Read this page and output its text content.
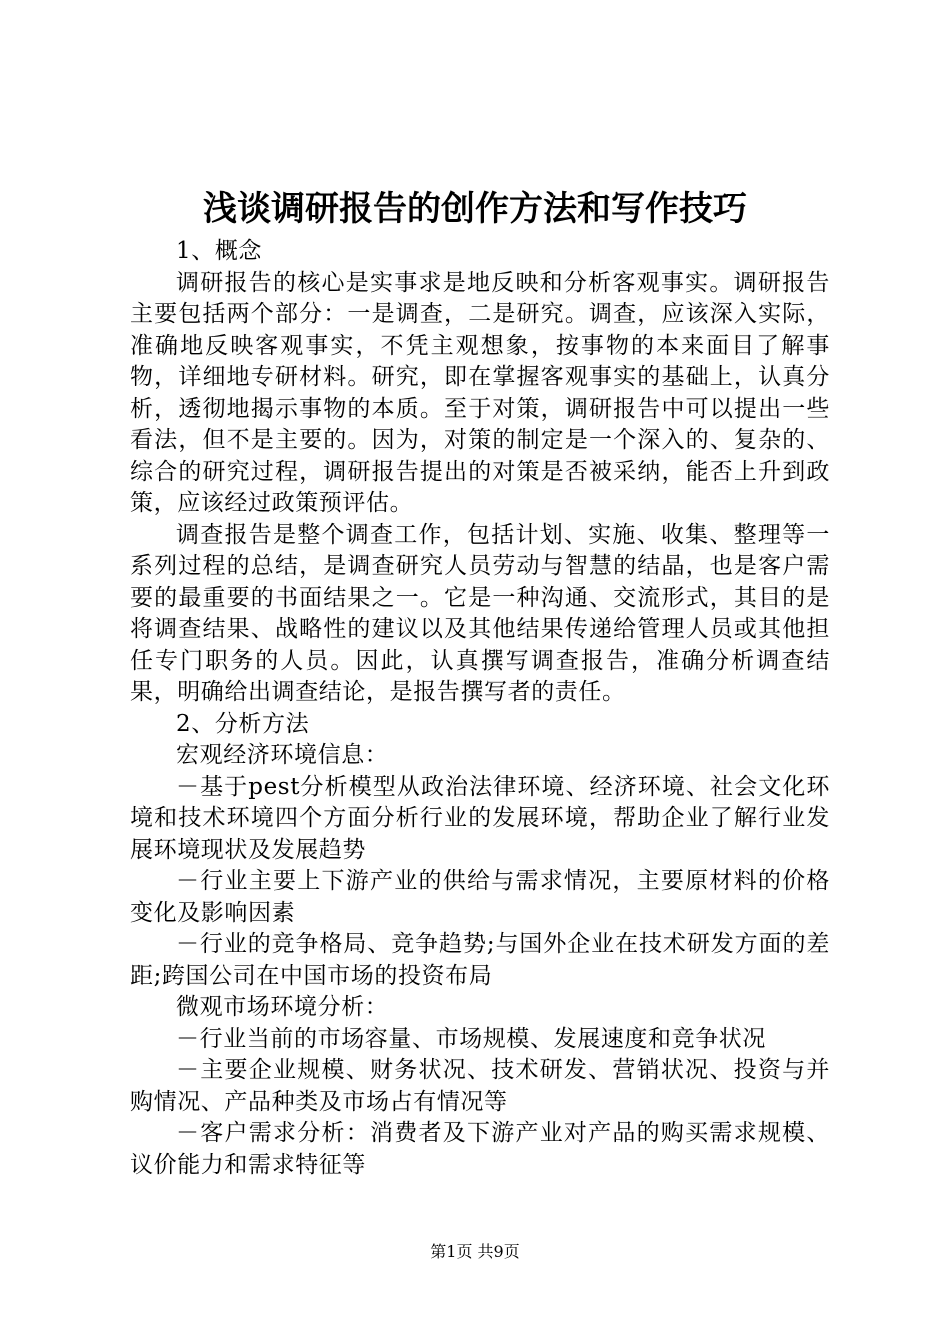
浅谈调研报告的创作方法和写作技巧

1、概念

调研报告的核心是实事求是地反映和分析客观事实。调研报告主要包括两个部分：一是调查，二是研究。调查，应该深入实际，准确地反映客观事实，不凭主观想象，按事物的本来面目了解事物，详细地专研材料。研究，即在掌握客观事实的基础上，认真分析，透彻地揭示事物的本质。至于对策，调研报告中可以提出一些看法，但不是主要的。因为，对策的制定是一个深入的、复杂的、综合的研究过程，调研报告提出的对策是否被采纳，能否上升到政策，应该经过政策预评估。

调查报告是整个调查工作，包括计划、实施、收集、整理等一系列过程的总结，是调查研究人员劳动与智慧的结晶，也是客户需要的最重要的书面结果之一。它是一种沟通、交流形式，其目的是将调查结果、战略性的建议以及其他结果传递给管理人员或其他担任专门职务的人员。因此，认真撰写调查报告，准确分析调查结果，明确给出调查结论，是报告撰写者的责任。

2、分析方法

宏观经济环境信息：

－基于pest分析模型从政治法律环境、经济环境、社会文化环境和技术环境四个方面分析行业的发展环境，帮助企业了解行业发展环境现状及发展趋势

－行业主要上下游产业的供给与需求情况，主要原材料的价格变化及影响因素

－行业的竞争格局、竞争趋势;与国外企业在技术研发方面的差距;跨国公司在中国市场的投资布局

微观市场环境分析：

－行业当前的市场容量、市场规模、发展速度和竞争状况

－主要企业规模、财务状况、技术研发、营销状况、投资与并购情况、产品种类及市场占有情况等

－客户需求分析：消费者及下游产业对产品的购买需求规模、议价能力和需求特征等

第1页 共9页
